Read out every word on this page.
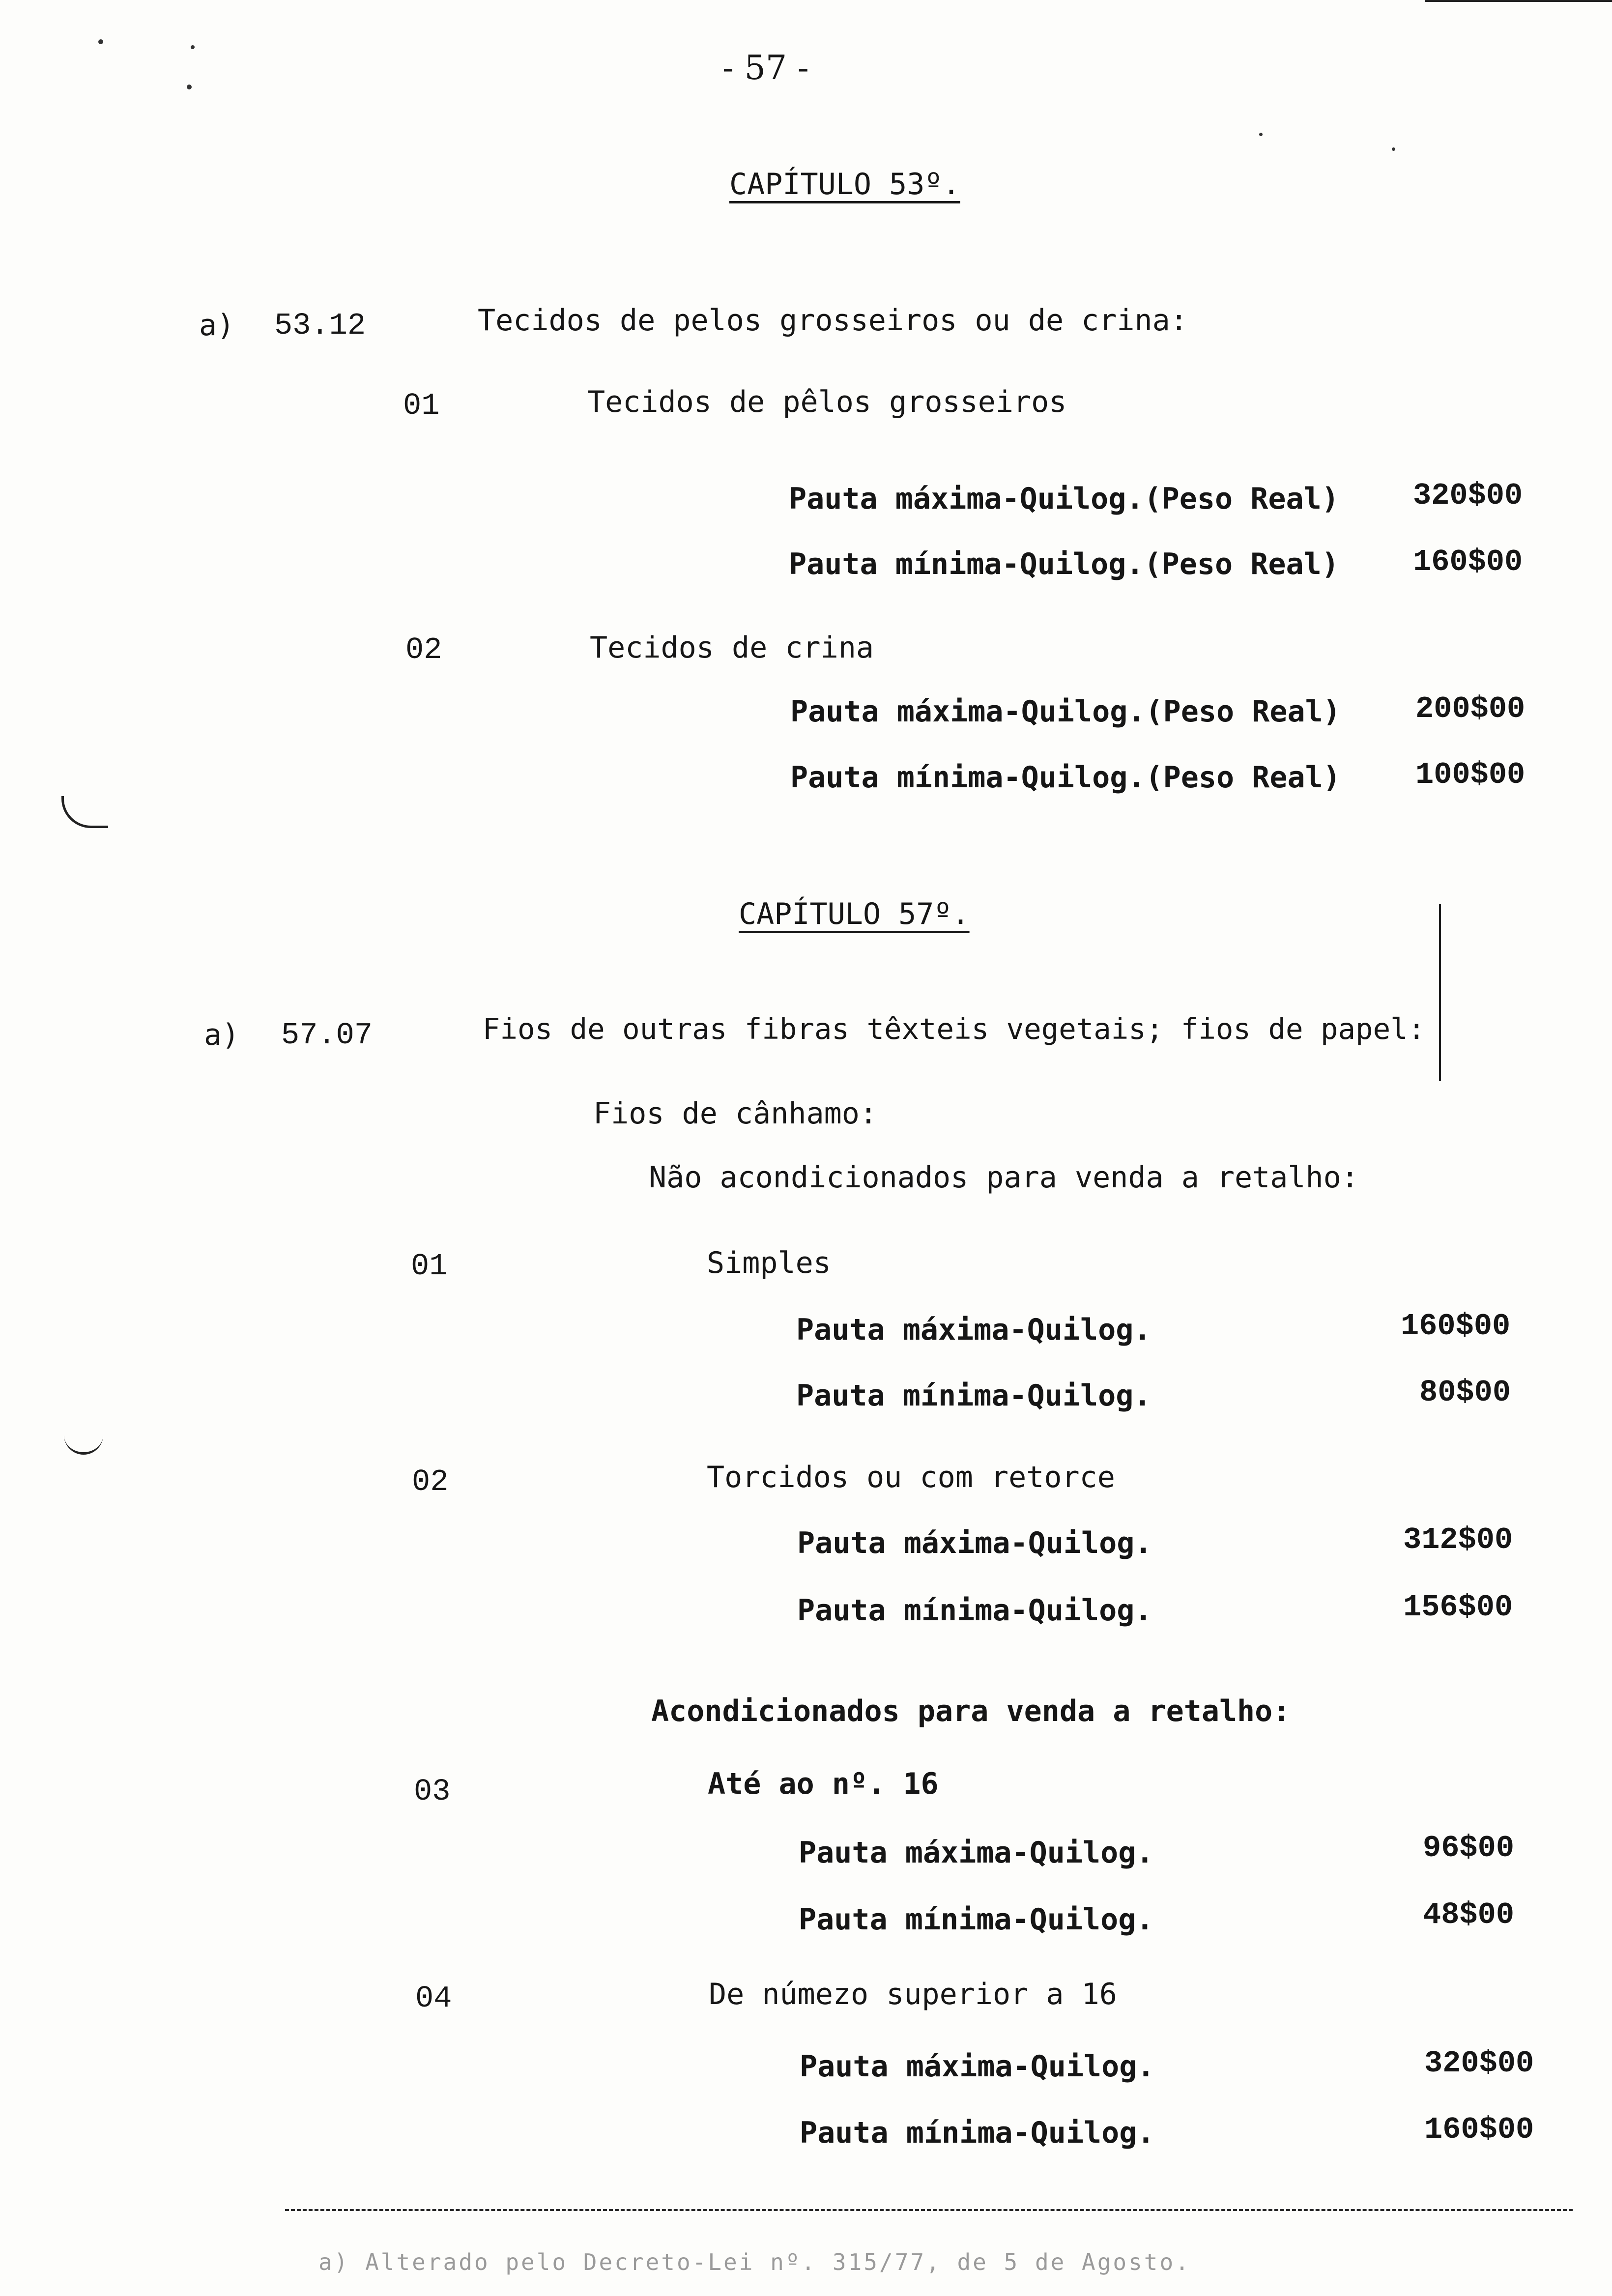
- 57 -
CAPÍTULO 53º.
a) 53.12	Tecidos de pelos grosseiros ou de crina:
01	Tecidos de pêlos grosseiros
Pauta máxima-Quilog.(Peso Real) 320$00
Pauta mínima-Quilog.(Peso Real) 160$00
02	Tecidos de crina
Pauta máxima-Quilog.(Peso Real) 200$00
Pauta mínima-Quilog.(Peso Real) 100$00
CAPÍTULO 57º.
a) 57.07	Fios de outras fibras têxteis vegetais; fios de papel:
Fios de cânhamo:
Não acondicionados para venda a retalho:
01	Simples
Pauta máxima-Quilog.	160$00
Pauta mínima-Quilog.	80$00
02	Torcidos ou com retorce
Pauta máxima-Quilog.	312$00
Pauta mínima-Quilog.	156$00
Acondicionados para venda a retalho:
03	Até ao nº. 16
Pauta máxima-Quilog.	96$00
Pauta mínima-Quilog.	48$00
04	De númezo superior a 16
Pauta máxima-Quilog.	320$00
Pauta mínima-Quilog.	160$00
a) Alterado pelo Decreto-Lei nº. 315/77, de 5 de Agosto.
